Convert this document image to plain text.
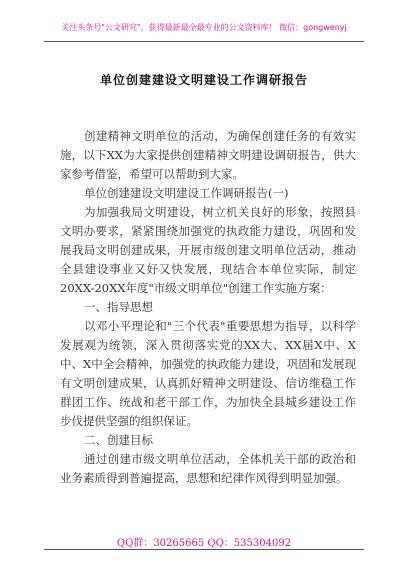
关注头条号"公文研究"，获得最新最全最专业的公文资料库！ 微信：gongwenyj
单位创建建设文明建设工作调研报告

创建精神文明单位的活动，为确保创建任务的有效实施，以下XX为大家提供创建精神文明建设调研报告，供大家参考借鉴，希望可以帮助到大家。

单位创建建设文明建设工作调研报告(一)

为加强我局文明建设，树立机关良好的形象，按照县文明办要求，紧紧围绕加强党的执政能力建设，巩固和发展我局文明创建成果，开展市级创建文明单位活动，推动全县建设事业又好又快发展，现结合本单位实际，制定20XX-20XX年度"市级文明单位"创建工作实施方案：

一、指导思想

以邓小平理论和"三个代表"重要思想为指导，以科学发展观为统领，深入贯彻落实党的XX大、XX届X中、X中、X中全会精神，加强党的执政能力建设，巩固和发展现有文明创建成果，认真抓好精神文明建设、信访维稳工作群团工作、统战和老干部工作，为加快全县城乡建设工作步伐提供坚强的组织保证。

二、创建目标

通过创建市级文明单位活动，全体机关干部的政治和业务素质得到普遍提高，思想和纪律作风得到明显加强。

QQ群：30265665 QQ：535304092
